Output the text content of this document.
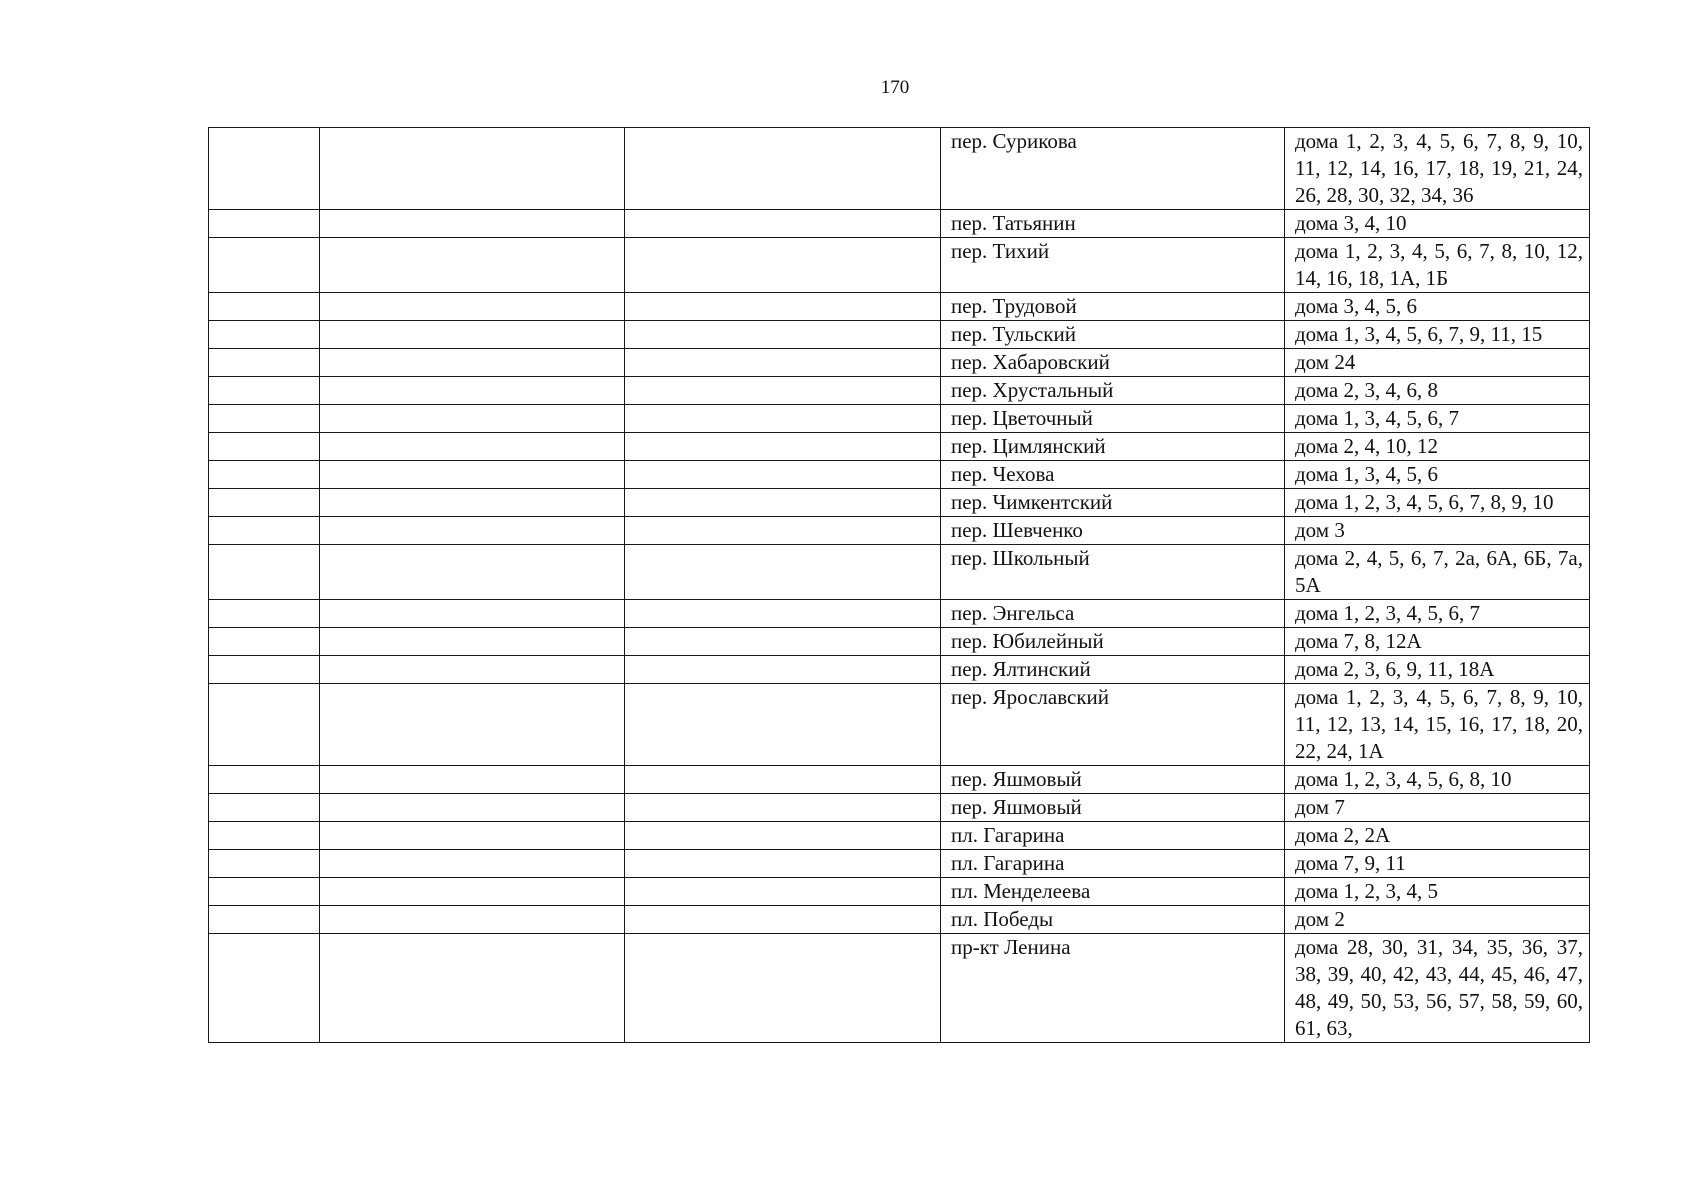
170
			пер. Сурикова	дома 1, 2, 3, 4, 5, 6, 7, 8, 9, 10, 11, 12, 14, 16, 17, 18, 19, 21, 24, 26, 28, 30, 32, 34, 36
			пер. Татьянин	дома 3, 4, 10
			пер. Тихий	дома 1, 2, 3, 4, 5, 6, 7, 8, 10, 12, 14, 16, 18, 1А, 1Б
			пер. Трудовой	дома 3, 4, 5, 6
			пер. Тульский	дома 1, 3, 4, 5, 6, 7, 9, 11, 15
			пер. Хабаровский	дом 24
			пер. Хрустальный	дома 2, 3, 4, 6, 8
			пер. Цветочный	дома 1, 3, 4, 5, 6, 7
			пер. Цимлянский	дома 2, 4, 10, 12
			пер. Чехова	дома 1, 3, 4, 5, 6
			пер. Чимкентский	дома 1, 2, 3, 4, 5, 6, 7, 8, 9, 10
			пер. Шевченко	дом 3
			пер. Школьный	дома 2, 4, 5, 6, 7, 2а, 6А, 6Б, 7а, 5А
			пер. Энгельса	дома 1, 2, 3, 4, 5, 6, 7
			пер. Юбилейный	дома 7, 8, 12А
			пер. Ялтинский	дома 2, 3, 6, 9, 11, 18А
			пер. Ярославский	дома 1, 2, 3, 4, 5, 6, 7, 8, 9, 10, 11, 12, 13, 14, 15, 16, 17, 18, 20, 22, 24, 1А
			пер. Яшмовый	дома 1, 2, 3, 4, 5, 6, 8, 10
			пер. Яшмовый	дом 7
			пл. Гагарина	дома 2, 2А
			пл. Гагарина	дома 7, 9, 11
			пл. Менделеева	дома 1, 2, 3, 4, 5
			пл. Победы	дом 2
			пр-кт Ленина	дома 28, 30, 31, 34, 35, 36, 37, 38, 39, 40, 42, 43, 44, 45, 46, 47, 48, 49, 50, 53, 56, 57, 58, 59, 60, 61, 63,
